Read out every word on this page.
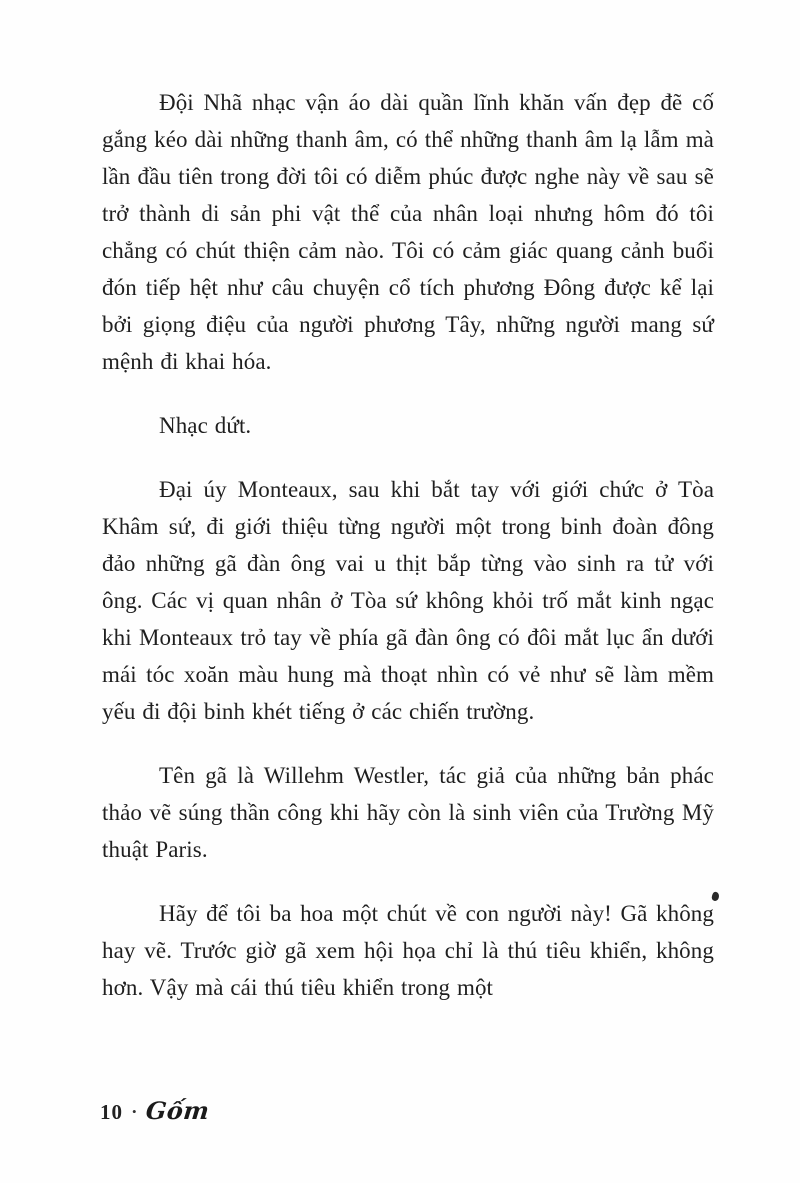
Đội Nhã nhạc vận áo dài quần lĩnh khăn vấn đẹp đẽ cố gắng kéo dài những thanh âm, có thể những thanh âm lạ lẫm mà lần đầu tiên trong đời tôi có diễm phúc được nghe này về sau sẽ trở thành di sản phi vật thể của nhân loại nhưng hôm đó tôi chẳng có chút thiện cảm nào. Tôi có cảm giác quang cảnh buổi đón tiếp hệt như câu chuyện cổ tích phương Đông được kể lại bởi giọng điệu của người phương Tây, những người mang sứ mệnh đi khai hóa.

Nhạc dứt.

Đại úy Monteaux, sau khi bắt tay với giới chức ở Tòa Khâm sứ, đi giới thiệu từng người một trong binh đoàn đông đảo những gã đàn ông vai u thịt bắp từng vào sinh ra tử với ông. Các vị quan nhân ở Tòa sứ không khỏi trố mắt kinh ngạc khi Monteaux trỏ tay về phía gã đàn ông có đôi mắt lục ẩn dưới mái tóc xoăn màu hung mà thoạt nhìn có vẻ như sẽ làm mềm yếu đi đội binh khét tiếng ở các chiến trường.

Tên gã là Willehm Westler, tác giả của những bản phác thảo vẽ súng thần công khi hãy còn là sinh viên của Trường Mỹ thuật Paris.

Hãy để tôi ba hoa một chút về con người này! Gã không hay vẽ. Trước giờ gã xem hội họa chỉ là thú tiêu khiển, không hơn. Vậy mà cái thú tiêu khiển trong một

10 • Gốm
